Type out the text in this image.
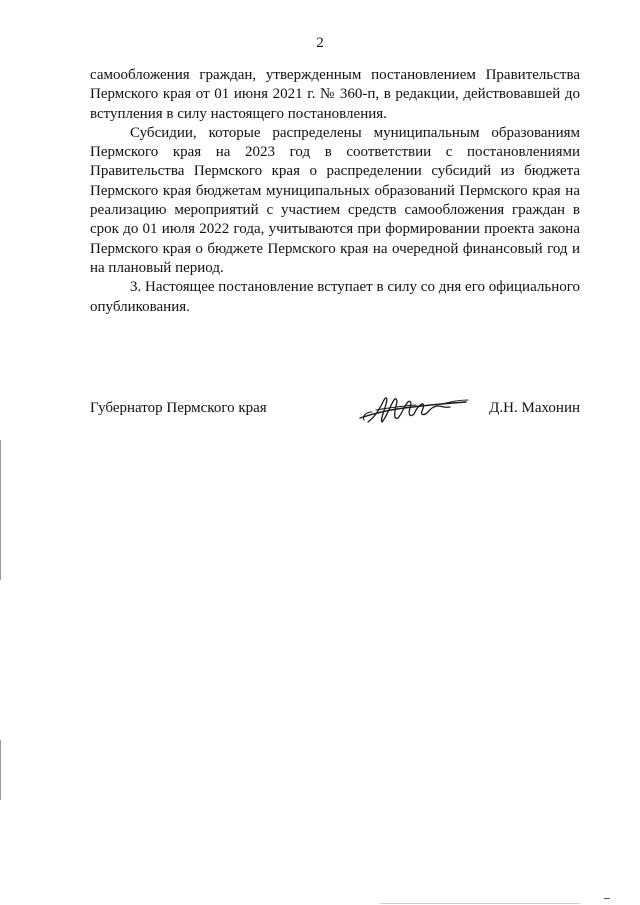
2

самообложения граждан, утвержденным постановлением Правительства Пермского края от 01 июня 2021 г. № 360-п, в редакции, действовавшей до вступления в силу настоящего постановления.

Субсидии, которые распределены муниципальным образованиям Пермского края на 2023 год в соответствии с постановлениями Правительства Пермского края о распределении субсидий из бюджета Пермского края бюджетам муниципальных образований Пермского края на реализацию мероприятий с участием средств самообложения граждан в срок до 01 июля 2022 года, учитываются при формировании проекта закона Пермского края о бюджете Пермского края на очередной финансовый год и на плановый период.

3. Настоящее постановление вступает в силу со дня его официального опубликования.

Губернатор Пермского края	Д.Н. Махонин
